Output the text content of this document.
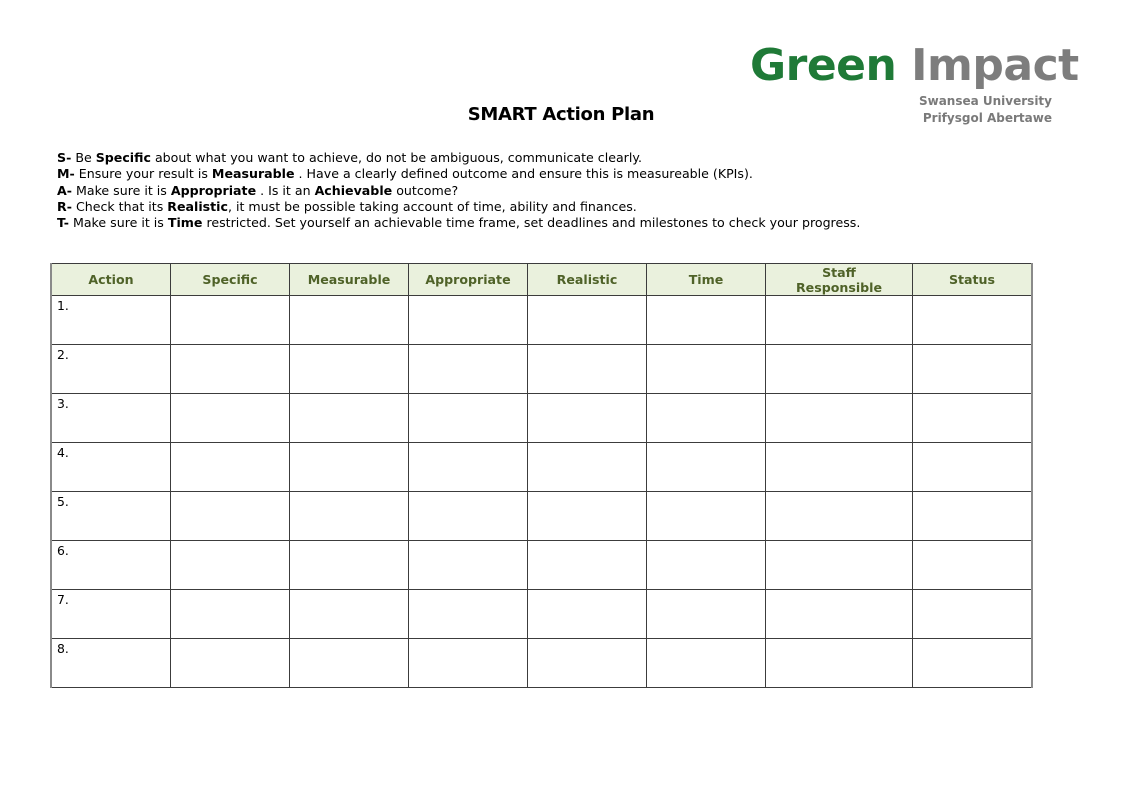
Green Impact
Swansea University
Prifysgol Abertawe
SMART Action Plan
S- Be Specific about what you want to achieve, do not be ambiguous, communicate clearly.
M- Ensure your result is Measurable . Have a clearly defined outcome and ensure this is measureable (KPIs).
A- Make sure it is Appropriate . Is it an Achievable outcome?
R- Check that its Realistic, it must be possible taking account of time, ability and finances.
T- Make sure it is Time restricted. Set yourself an achievable time frame, set deadlines and milestones to check your progress.
Action	Specific	Measurable	Appropriate	Realistic	Time	Staff Responsible	Status

1.							

2.							

3.							

4.							

5.							

6.							

7.							

8.							
